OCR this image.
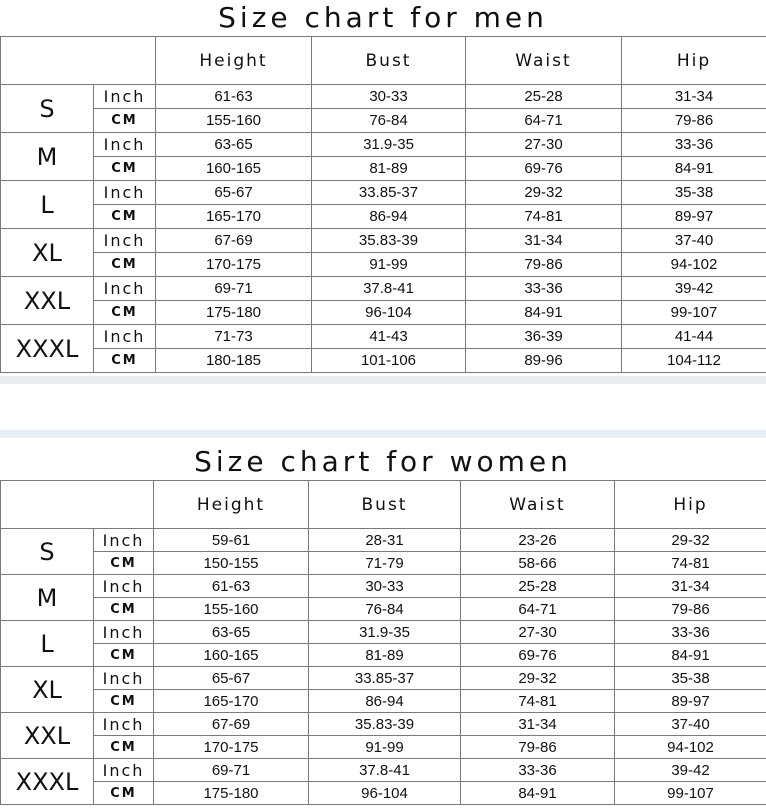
Size chart for men
		Height	Bust	Waist	Hip
S	Inch	61-63	30-33	25-28	31-34
	CM	155-160	76-84	64-71	79-86
M	Inch	63-65	31.9-35	27-30	33-36
	CM	160-165	81-89	69-76	84-91
L	Inch	65-67	33.85-37	29-32	35-38
	CM	165-170	86-94	74-81	89-97
XL	Inch	67-69	35.83-39	31-34	37-40
	CM	170-175	91-99	79-86	94-102
XXL	Inch	69-71	37.8-41	33-36	39-42
	CM	175-180	96-104	84-91	99-107
XXXL	Inch	71-73	41-43	36-39	41-44
	CM	180-185	101-106	89-96	104-112
Size chart for women
		Height	Bust	Waist	Hip
S	Inch	59-61	28-31	23-26	29-32
	CM	150-155	71-79	58-66	74-81
M	Inch	61-63	30-33	25-28	31-34
	CM	155-160	76-84	64-71	79-86
L	Inch	63-65	31.9-35	27-30	33-36
	CM	160-165	81-89	69-76	84-91
XL	Inch	65-67	33.85-37	29-32	35-38
	CM	165-170	86-94	74-81	89-97
XXL	Inch	67-69	35.83-39	31-34	37-40
	CM	170-175	91-99	79-86	94-102
XXXL	Inch	69-71	37.8-41	33-36	39-42
	CM	175-180	96-104	84-91	99-107
